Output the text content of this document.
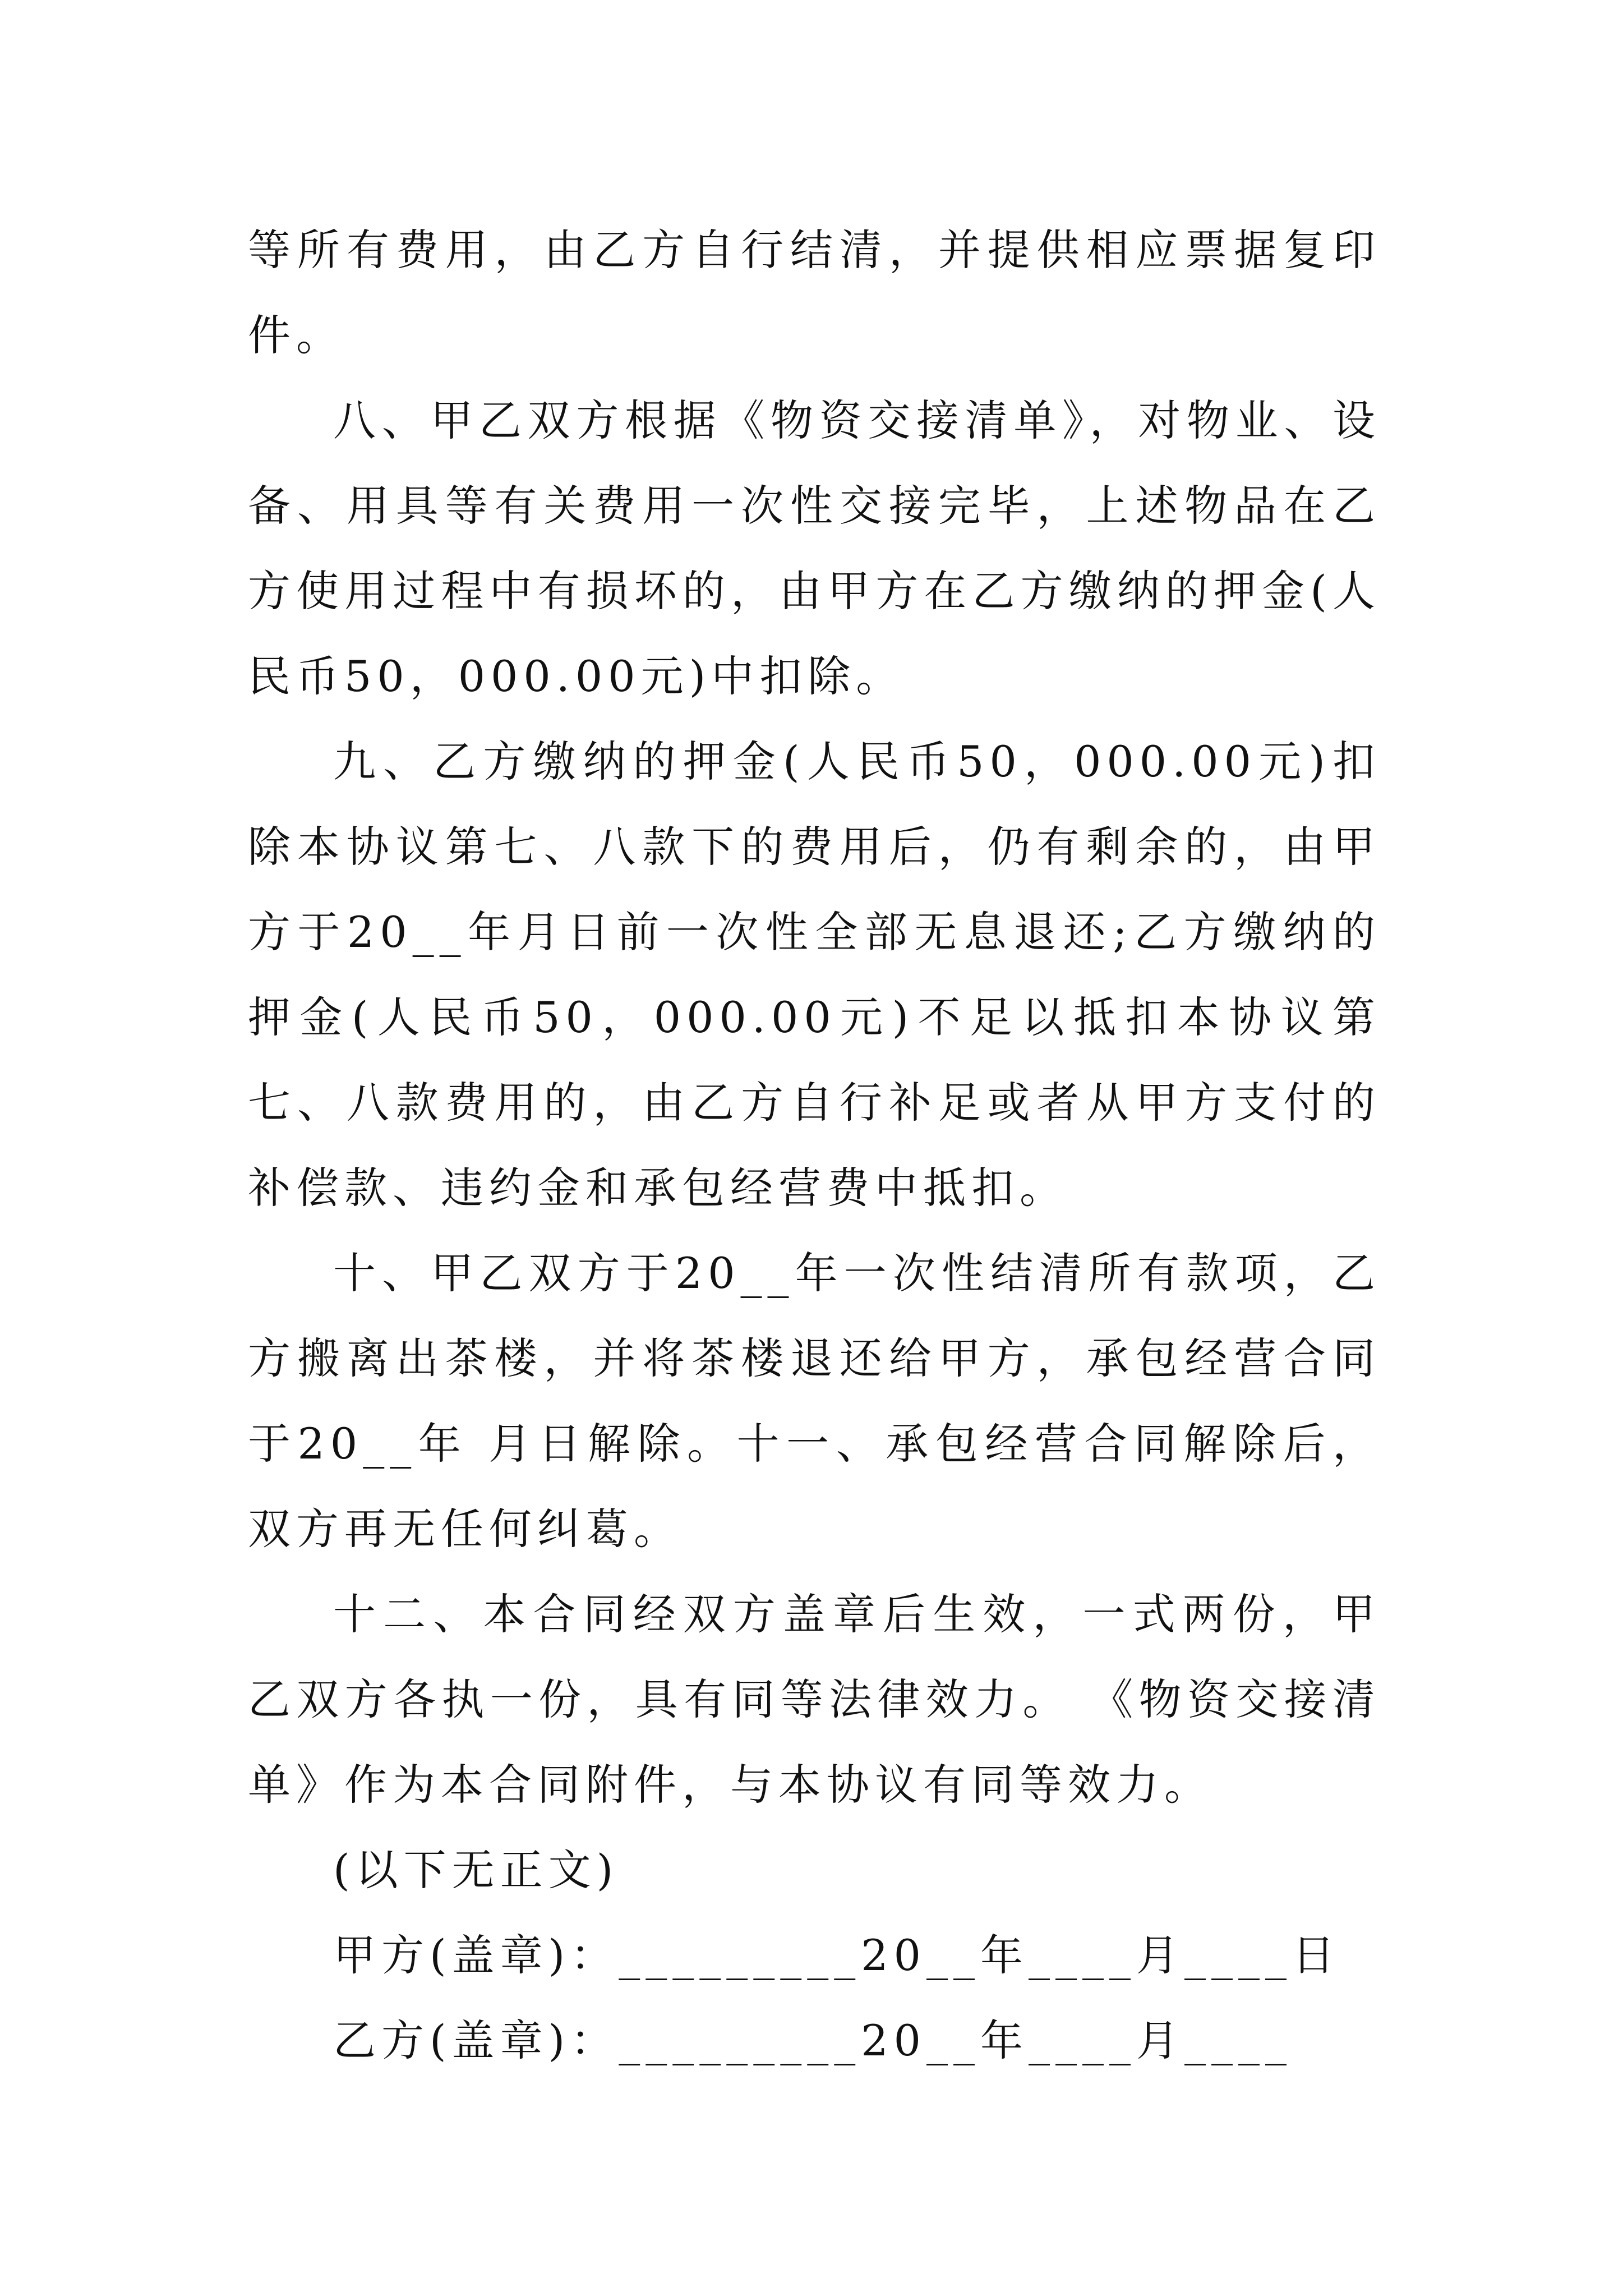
等所有费用，由乙方自行结清，并提供相应票据复印件。

八、甲乙双方根据《物资交接清单》，对物业、设备、用具等有关费用一次性交接完毕，上述物品在乙方使用过程中有损坏的，由甲方在乙方缴纳的押金(人民币50，000.00元)中扣除。

九、乙方缴纳的押金(人民币50，000.00元)扣除本协议第七、八款下的费用后，仍有剩余的，由甲方于20__年月日前一次性全部无息退还;乙方缴纳的押金(人民币50，000.00元)不足以抵扣本协议第七、八款费用的，由乙方自行补足或者从甲方支付的补偿款、违约金和承包经营费中抵扣。

十、甲乙双方于20__年一次性结清所有款项，乙方搬离出茶楼，并将茶楼退还给甲方，承包经营合同于20__年 月日解除。十一、承包经营合同解除后，双方再无任何纠葛。

十二、本合同经双方盖章后生效，一式两份，甲乙双方各执一份，具有同等法律效力。 《物资交接清单》作为本合同附件，与本协议有同等效力。

(以下无正文)

甲方(盖章)：_________20__年____月____日

乙方(盖章)：_________20__年____月____
